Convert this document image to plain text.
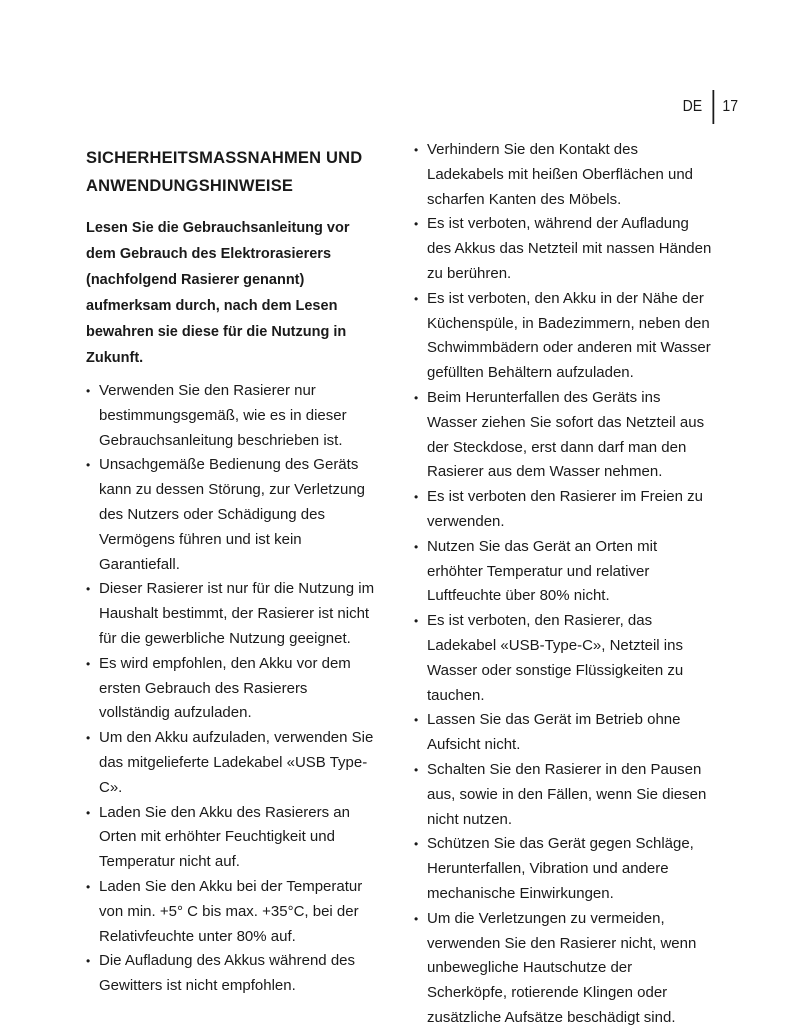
DE 17
SICHERHEITSMASSNAHMEN UND ANWENDUNGSHINWEISE

Lesen Sie die Gebrauchsanleitung vor dem Gebrauch des Elektrorasierers (nachfolgend Rasierer genannt) aufmerksam durch, nach dem Lesen bewahren sie diese für die Nutzung in Zukunft.

• Verwenden Sie den Rasierer nur bestimmungsgemäß, wie es in dieser Gebrauchsanleitung beschrieben ist.
• Unsachgemäße Bedienung des Geräts kann zu dessen Störung, zur Verletzung des Nutzers oder Schädigung des Vermögens führen und ist kein Garantiefall.
• Dieser Rasierer ist nur für die Nutzung im Haushalt bestimmt, der Rasierer ist nicht für die gewerbliche Nutzung geeignet.
• Es wird empfohlen, den Akku vor dem ersten Gebrauch des Rasierers vollständig aufzuladen.
• Um den Akku aufzuladen, verwenden Sie das mitgelieferte Ladekabel «USB Type-C».
• Laden Sie den Akku des Rasierers an Orten mit erhöhter Feuchtigkeit und Temperatur nicht auf.
• Laden Sie den Akku bei der Temperatur von min. +5° C bis max. +35°C, bei der Relativfeuchte unter 80% auf.
• Die Aufladung des Akkus während des Gewitters ist nicht empfohlen.
• Verhindern Sie den Kontakt des Ladekabels mit heißen Oberflächen und scharfen Kanten des Möbels.
• Es ist verboten, während der Aufladung des Akkus das Netzteil mit nassen Händen zu berühren.
• Es ist verboten, den Akku in der Nähe der Küchenspüle, in Badezimmern, neben den Schwimmbädern oder anderen mit Wasser gefüllten Behältern aufzuladen.
• Beim Herunterfallen des Geräts ins Wasser ziehen Sie sofort das Netzteil aus der Steckdose, erst dann darf man den Rasierer aus dem Wasser nehmen.
• Es ist verboten den Rasierer im Freien zu verwenden.
• Nutzen Sie das Gerät an Orten mit erhöhter Temperatur und relativer Luftfeuchte über 80% nicht.
• Es ist verboten, den Rasierer, das Ladekabel «USB-Type-C», Netzteil ins Wasser oder sonstige Flüssigkeiten zu tauchen.
• Lassen Sie das Gerät im Betrieb ohne Aufsicht nicht.
• Schalten Sie den Rasierer in den Pausen aus, sowie in den Fällen, wenn Sie diesen nicht nutzen.
• Schützen Sie das Gerät gegen Schläge, Herunterfallen, Vibration und andere mechanische Einwirkungen.
• Um die Verletzungen zu vermeiden, verwenden Sie den Rasierer nicht, wenn unbewegliche Hautschutze der Scherköpfe, rotierende Klingen oder zusätzliche Aufsätze beschädigt sind.
